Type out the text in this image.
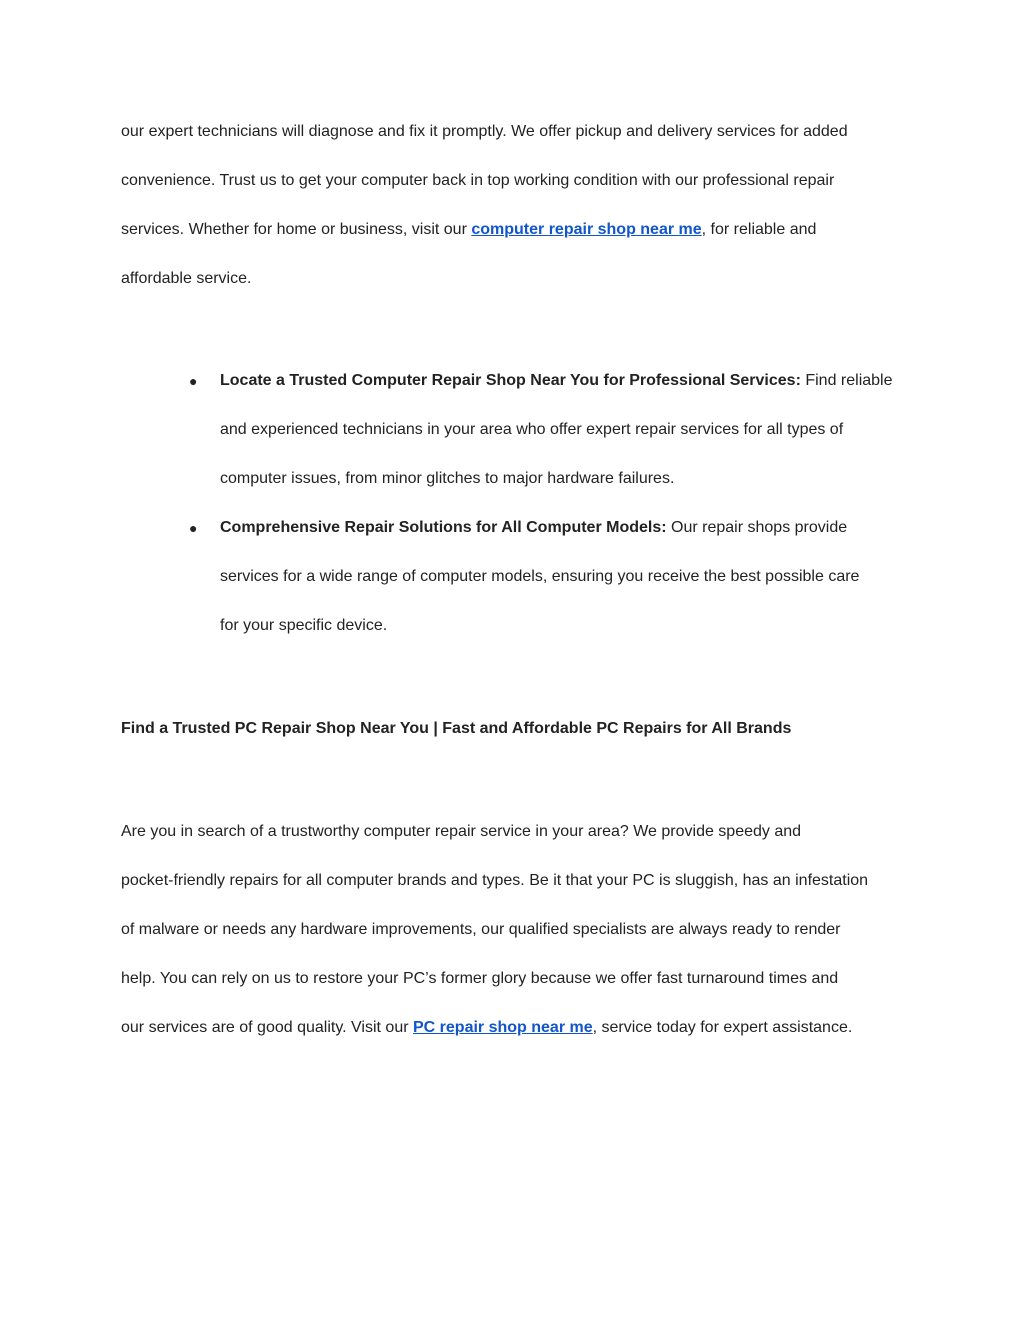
our expert technicians will diagnose and fix it promptly. We offer pickup and delivery services for added
convenience. Trust us to get your computer back in top working condition with our professional repair
services. Whether for home or business, visit our computer repair shop near me, for reliable and
affordable service.
● Locate a Trusted Computer Repair Shop Near You for Professional Services: Find reliable
and experienced technicians in your area who offer expert repair services for all types of
computer issues, from minor glitches to major hardware failures.
● Comprehensive Repair Solutions for All Computer Models: Our repair shops provide
services for a wide range of computer models, ensuring you receive the best possible care
for your specific device.
Find a Trusted PC Repair Shop Near You | Fast and Affordable PC Repairs for All Brands
Are you in search of a trustworthy computer repair service in your area? We provide speedy and
pocket-friendly repairs for all computer brands and types. Be it that your PC is sluggish, has an infestation
of malware or needs any hardware improvements, our qualified specialists are always ready to render
help. You can rely on us to restore your PC’s former glory because we offer fast turnaround times and
our services are of good quality. Visit our PC repair shop near me, service today for expert assistance.
